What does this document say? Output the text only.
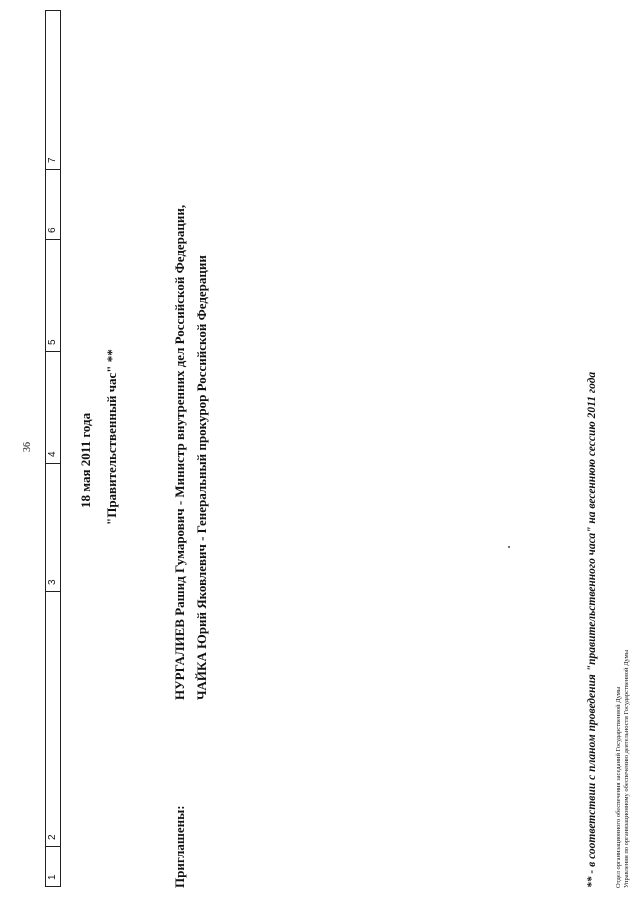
36
1
2
3
4
5
6
7
18 мая 2011 года "Правительственный час" **
Приглашены:
НУРГАЛИЕВ Рашид Гумарович - Министр внутренних дел Российской Федерации, ЧАЙКА Юрий Яковлевич - Генеральный прокурор Российской Федерации	** - в соответствии с планом проведения "правительственного часа" на весеннюю сессию 2011 года	Отдел организационного обеспечения заседаний Государственной Думы Управления по организационному обеспечению деятельности Государственной Думы
